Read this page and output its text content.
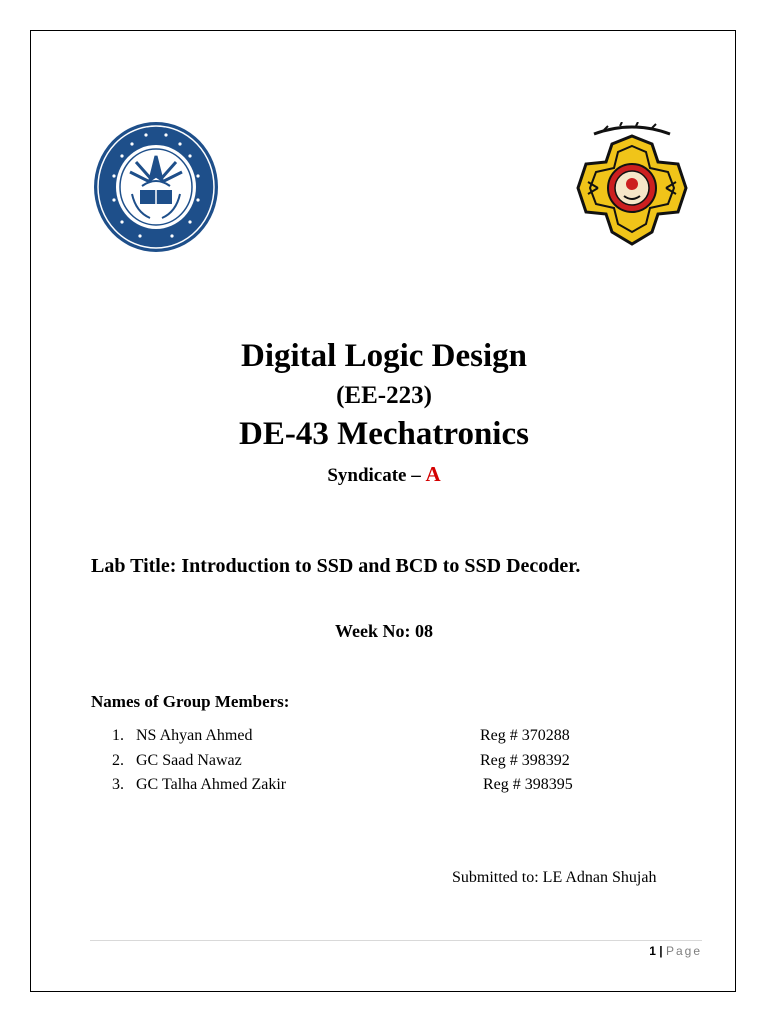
Digital Logic Design
(EE-223)
DE-43 Mechatronics
Syndicate – A
Lab Title: Introduction to SSD and BCD to SSD Decoder.
Week No: 08
Names of Group Members:
1. NS Ahyan Ahmed	Reg # 370288
2. GC Saad Nawaz	Reg # 398392
3. GC Talha Ahmed Zakir	Reg # 398395
Submitted to: LE Adnan Shujah
1 | Page
